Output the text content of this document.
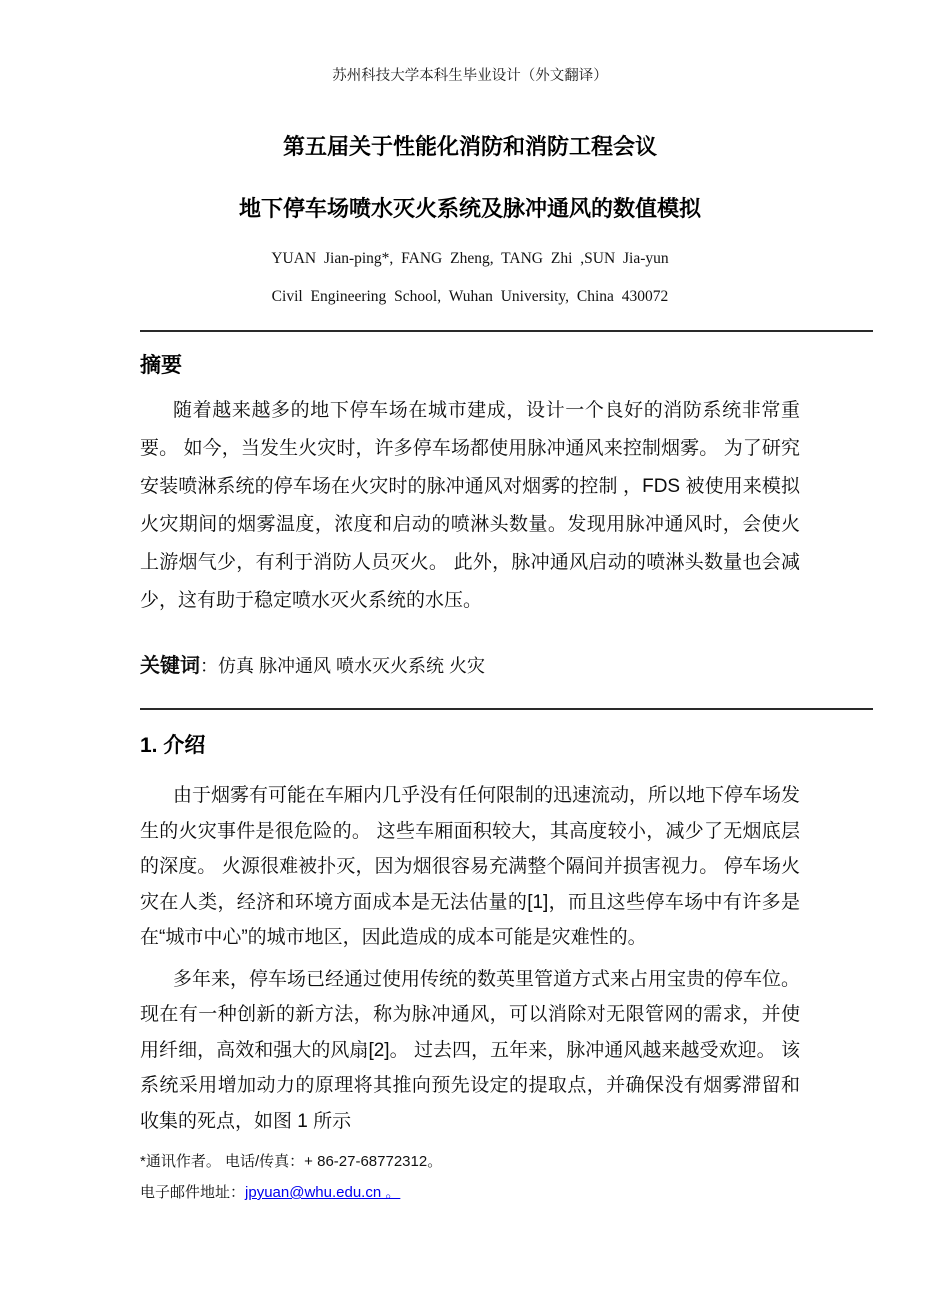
苏州科技大学本科生毕业设计（外文翻译）
第五届关于性能化消防和消防工程会议
地下停车场喷水灭火系统及脉冲通风的数值模拟
YUAN Jian-ping*, FANG Zheng, TANG Zhi ,SUN Jia-yun
Civil Engineering School, Wuhan University, China 430072
摘要

随着越来越多的地下停车场在城市建成，设计一个良好的消防系统非常重要。 如今，当发生火灾时，许多停车场都使用脉冲通风来控制烟雾。 为了研究安装喷淋系统的停车场在火灾时的脉冲通风对烟雾的控制 ，FDS 被使用来模拟火灾期间的烟雾温度，浓度和启动的喷淋头数量。发现用脉冲通风时，会使火上游烟气少，有利于消防人员灭火。 此外，脉冲通风启动的喷淋头数量也会减少，这有助于稳定喷水灭火系统的水压。

关键词：仿真 脉冲通风 喷水灭火系统 火灾

1. 介绍

由于烟雾有可能在车厢内几乎没有任何限制的迅速流动，所以地下停车场发生的火灾事件是很危险的。 这些车厢面积较大，其高度较小，减少了无烟底层的深度。 火源很难被扑灭，因为烟很容易充满整个隔间并损害视力。 停车场火灾在人类，经济和环境方面成本是无法估量的[1]，而且这些停车场中有许多是在“城市中心”的城市地区，因此造成的成本可能是灾难性的。

多年来，停车场已经通过使用传统的数英里管道方式来占用宝贵的停车位。现在有一种创新的新方法，称为脉冲通风，可以消除对无限管网的需求，并使用纤细，高效和强大的风扇[2]。 过去四，五年来，脉冲通风越来越受欢迎。 该系统采用增加动力的原理将其推向预先设定的提取点，并确保没有烟雾滞留和收集的死点，如图 1 所示

*通讯作者。 电话/传真：+ 86-27-68772312。
电子邮件地址：jpyuan@whu.edu.cn 。
